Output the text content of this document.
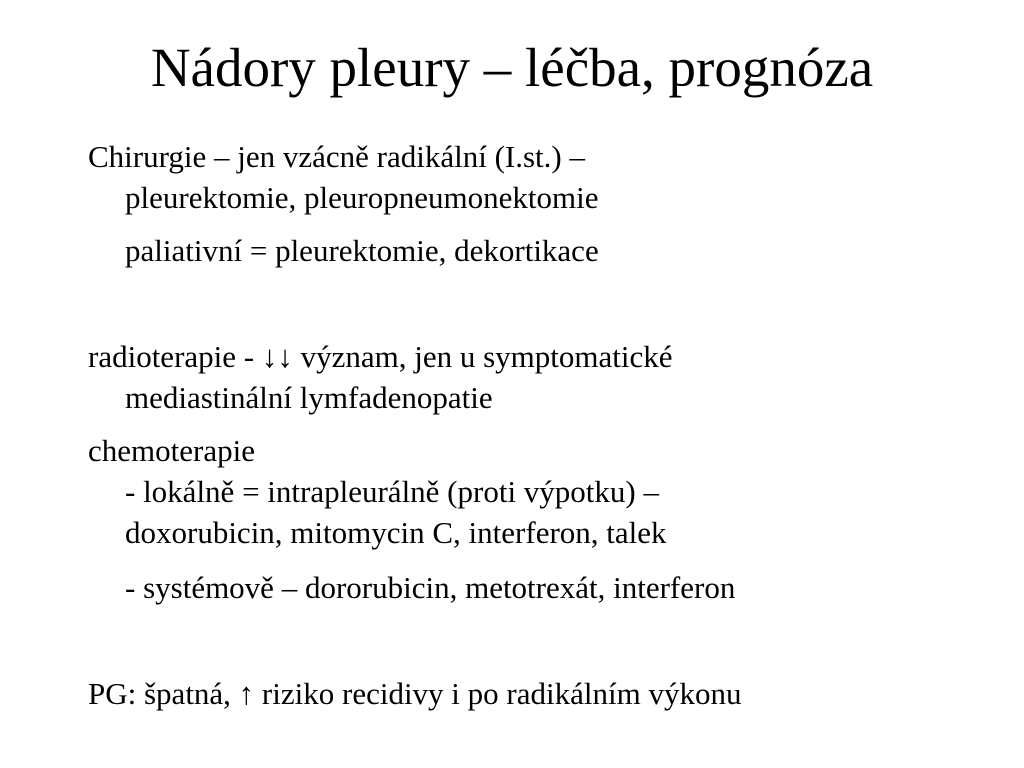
Nádory pleury – léčba, prognóza
Chirurgie – jen vzácně radikální (I.st.) –
pleurektomie, pleuropneumonektomie
paliativní = pleurektomie, dekortikace
radioterapie - ↓↓ význam, jen u symptomatické
mediastinální lymfadenopatie
chemoterapie
- lokálně = intrapleurálně (proti výpotku) –
doxorubicin, mitomycin C, interferon, talek
- systémově – dororubicin, metotrexát, interferon
PG: špatná, ↑ riziko recidivy i po radikálním výkonu
